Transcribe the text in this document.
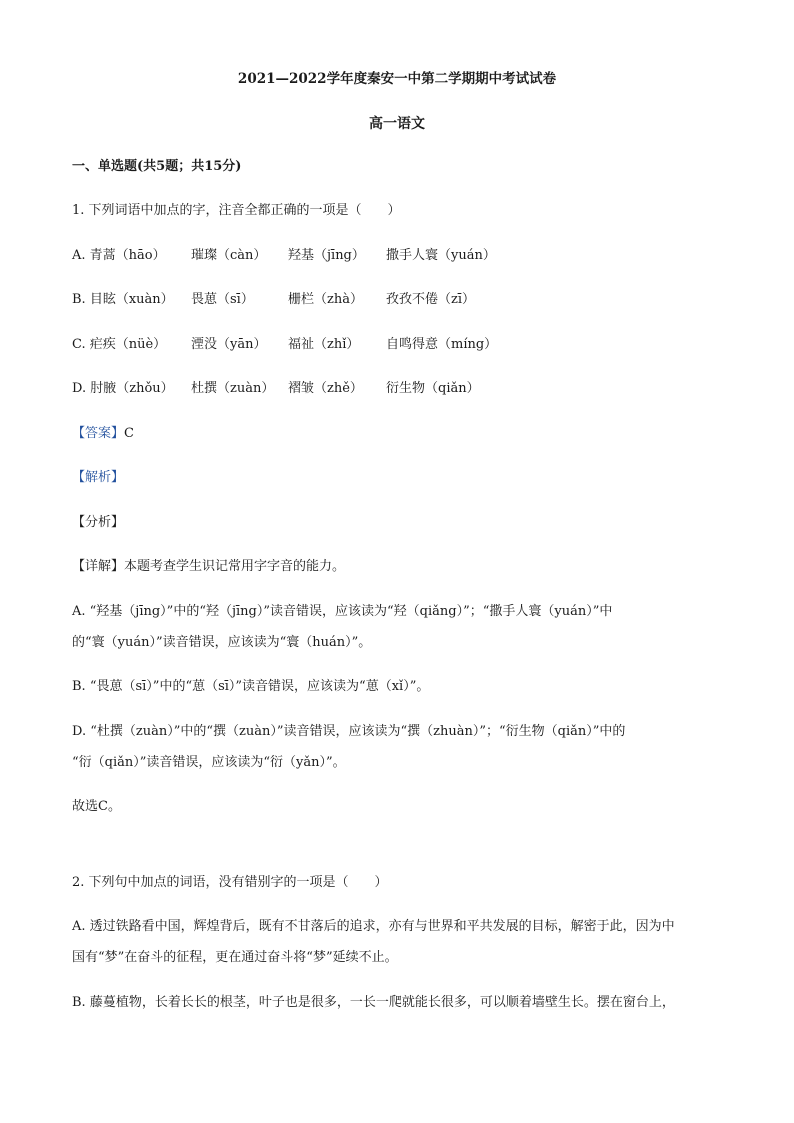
2021—2022学年度秦安一中第二学期期中考试试卷
高一语文
一、单选题(共5题；共15分)
1. 下列词语中加点的字，注音全都正确的一项是（　　）
A. 青蒿（hāo） 璀璨（càn） 羟基（jīng） 撒手人寰（yuán）
B. 目眩（xuàn） 畏葸（sī）	栅栏（zhà） 孜孜不倦（zī）
C. 疟疾（nüè） 湮没（yān） 福祉（zhǐ） 自鸣得意（míng）
D. 肘腋（zhǒu） 杜撰（zuàn） 褶皱（zhě） 衍生物（qiǎn）
【答案】C
【解析】
【分析】
【详解】本题考查学生识记常用字字音的能力。
A. “羟基（jīng）”中的“羟（jīng）”读音错误，应该读为“羟（qiǎng）”；“撒手人寰（yuán）”中
的“寰（yuán）”读音错误，应该读为“寰（huán）”。
B. “畏葸（sī）”中的“葸（sī）”读音错误，应该读为“葸（xǐ）”。
D. “杜撰（zuàn）”中的“撰（zuàn）”读音错误，应该读为“撰（zhuàn）”；“衍生物（qiǎn）”中的
“衍（qiǎn）”读音错误，应该读为“衍（yǎn）”。
故选C。
2. 下列句中加点的词语，没有错别字的一项是（　　）
A. 透过铁路看中国，辉煌背后，既有不甘落后的追求，亦有与世界和平共发展的目标，解密于此，因为中
国有“梦”在奋斗的征程，更在通过奋斗将“梦”延续不止。
B. 藤蔓植物，长着长长的根茎，叶子也是很多，一长一爬就能长很多，可以顺着墙壁生长。摆在窗台上，
